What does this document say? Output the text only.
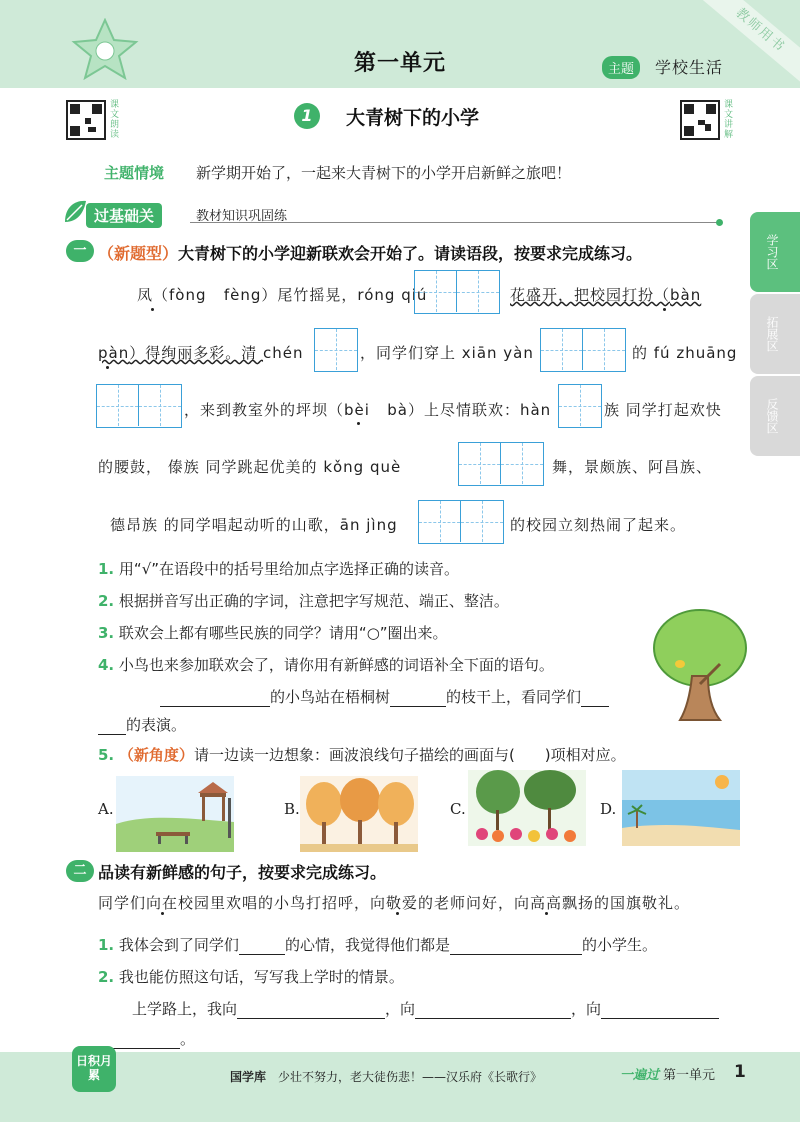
教师用书
第一单元	主题	学校生活
课文朗读
课文讲解
1	大青树下的小学
主题情境 新学期开始了，一起来大青树下的小学开启新鲜之旅吧！
过基础关	教材知识巩固练
学习区
拓展区
反馈区
一 （新题型）大青树下的小学迎新联欢会开始了。请读语段，按要求完成练习。
凤（fòng fèng）尾竹摇晃，róng qiú	花盛开，把校园打扮（bàn
pàn）得绚丽多彩。清 chén	，同学们穿上 xiān yàn	的 fú zhuāng
，来到教室外的坪坝（bèi bà）上尽情联欢：hàn	族 同学打起欢快
的腰鼓， 傣族 同学跳起优美的 kǒng què	舞，景颇族、阿昌族、
德昂族 的同学唱起动听的山歌，ān jìng	的校园立刻热闹了起来。
1. 用“√”在语段中的括号里给加点字选择正确的读音。
2. 根据拼音写出正确的字词，注意把字写规范、端正、整洁。
3. 联欢会上都有哪些民族的同学？请用“○”圈出来。
4. 小鸟也来参加联欢会了，请你用有新鲜感的词语补全下面的语句。
的小鸟站在梧桐树	的枝干上，看同学们
的表演。
5. （新角度）请一边读一边想象：画波浪线句子描绘的画面与(　　)项相对应。
A.	B.	C.	D.
二 品读有新鲜感的句子，按要求完成练习。
同学们向在校园里欢唱的小鸟打招呼，向敬爱的老师问好，向高高飘扬的国旗敬礼。
1. 我体会到了同学们	的心情，我觉得他们都是	的小学生。
2. 我也能仿照这句话，写写我上学时的情景。
上学路上，我向	，向	，向
。
日积月累	国学库 少壮不努力，老大徒伤悲！——汉乐府《长歌行》	一遍过 第一单元 1
